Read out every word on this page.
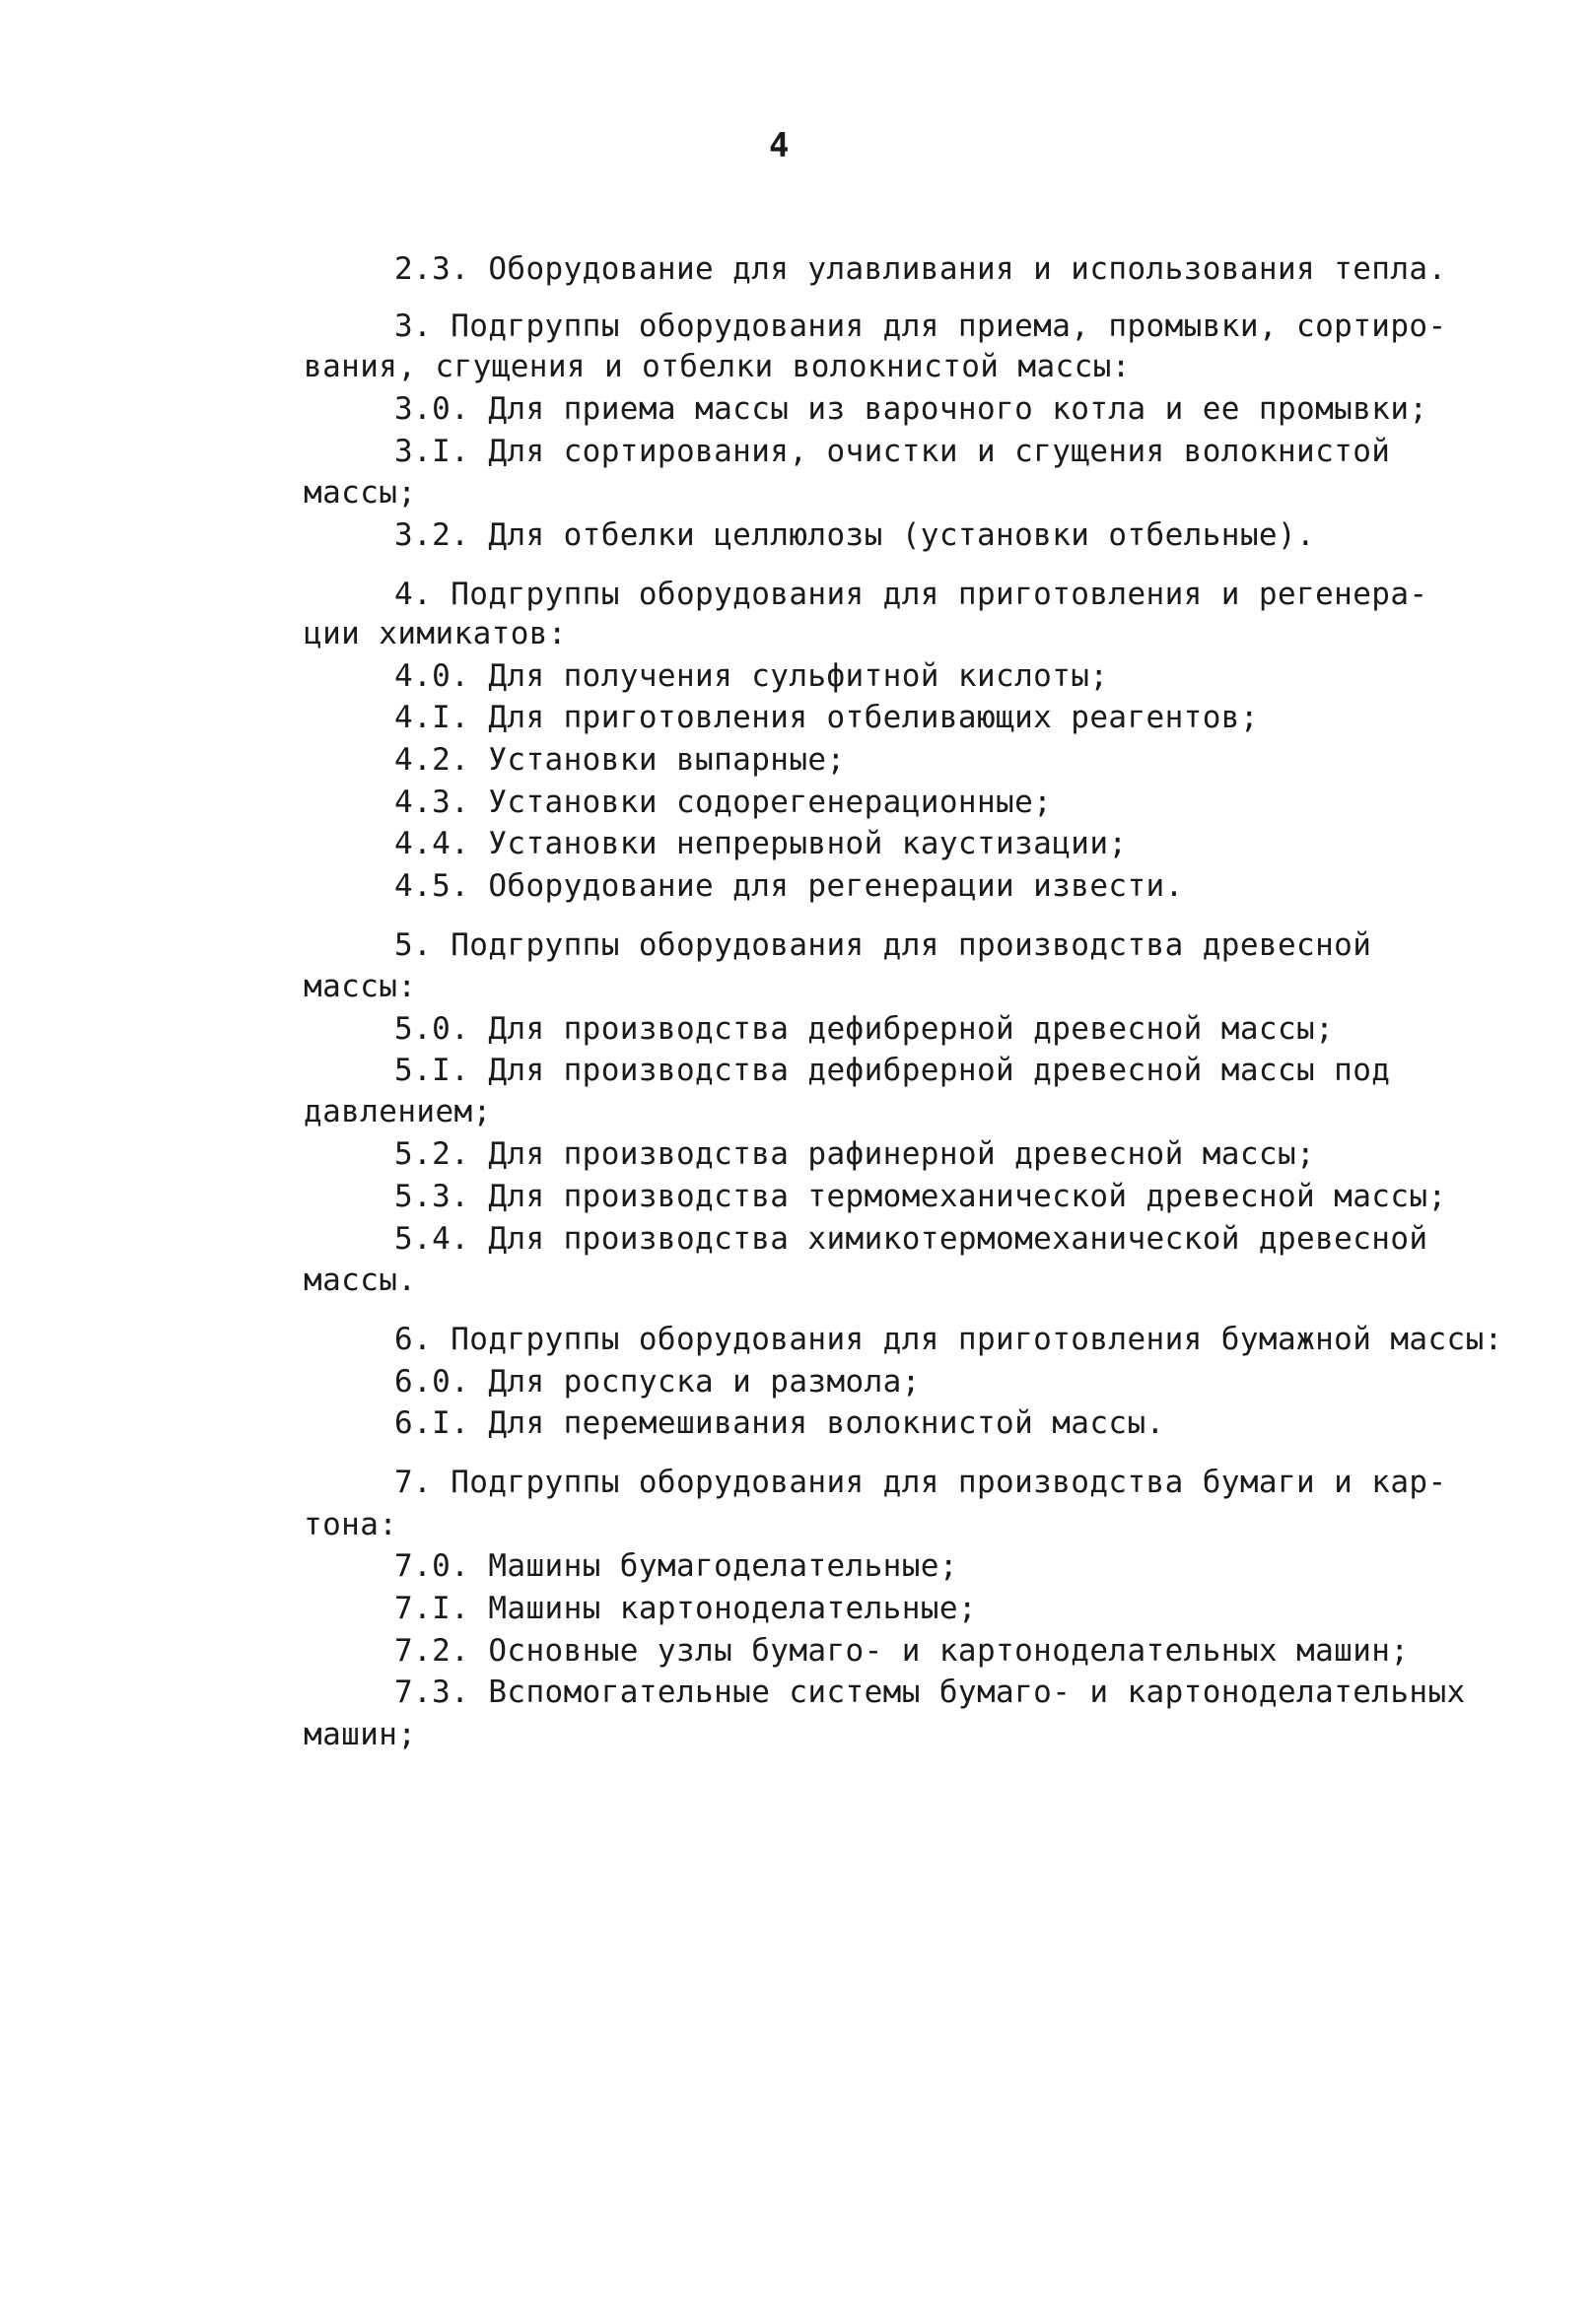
4
2.3. Оборудование для улавливания и использования тепла.
3. Подгруппы оборудования для приема, промывки, сортиро-
вания, сгущения и отбелки волокнистой массы:
3.0. Для приема массы из варочного котла и ее промывки;
3.I. Для сортирования, очистки и сгущения волокнистой
массы;
3.2. Для отбелки целлюлозы (установки отбельные).
4. Подгруппы оборудования для приготовления и регенера-
ции химикатов:
4.0. Для получения сульфитной кислоты;
4.I. Для приготовления отбеливающих реагентов;
4.2. Установки выпарные;
4.3. Установки содорегенерационные;
4.4. Установки непрерывной каустизации;
4.5. Оборудование для регенерации извести.
5. Подгруппы оборудования для производства древесной
массы:
5.0. Для производства дефибрерной древесной массы;
5.I. Для производства дефибрерной древесной массы под
давлением;
5.2. Для производства рафинерной древесной массы;
5.3. Для производства термомеханической древесной массы;
5.4. Для производства химикотермомеханической древесной
массы.
6. Подгруппы оборудования для приготовления бумажной массы:
6.0. Для роспуска и размола;
6.I. Для перемешивания волокнистой массы.
7. Подгруппы оборудования для производства бумаги и кар-
тона:
7.0. Машины бумагоделательные;
7.I. Машины картоноделательные;
7.2. Основные узлы бумаго- и картоноделательных машин;
7.3. Вспомогательные системы бумаго- и картоноделательных
машин;
